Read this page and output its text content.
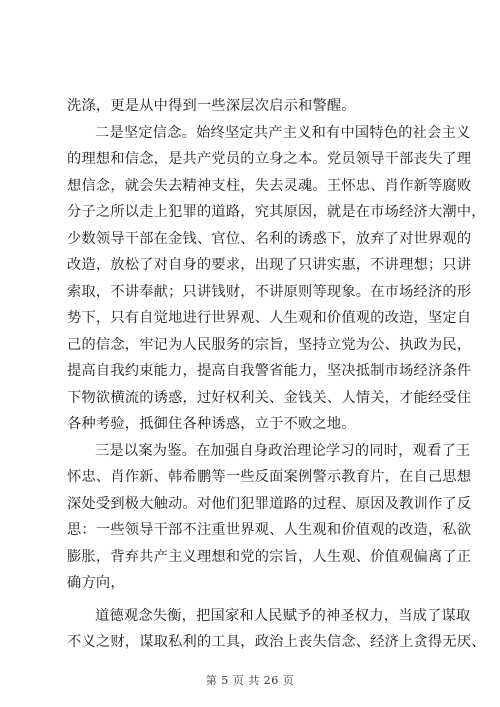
洗涤，更是从中得到一些深层次启示和警醒。
二是坚定信念。始终坚定共产主义和有中国特色的社会主义
的理想和信念，是共产党员的立身之本。党员领导干部丧失了理
想信念，就会失去精神支柱，失去灵魂。王怀忠、肖作新等腐败
分子之所以走上犯罪的道路，究其原因，就是在市场经济大潮中，
少数领导干部在金钱、官位、名利的诱惑下，放弃了对世界观的
改造，放松了对自身的要求，出现了只讲实惠，不讲理想；只讲
索取，不讲奉献；只讲钱财，不讲原则等现象。在市场经济的形
势下，只有自觉地进行世界观、人生观和价值观的改造，坚定自
己的信念，牢记为人民服务的宗旨，坚持立党为公、执政为民，
提高自我约束能力，提高自我警省能力，坚决抵制市场经济条件
下物欲横流的诱惑，过好权利关、金钱关、人情关，才能经受住
各种考验，抵御住各种诱惑，立于不败之地。
三是以案为鉴。在加强自身政治理论学习的同时，观看了王
怀忠、肖作新、韩希鹏等一些反面案例警示教育片，在自己思想
深处受到极大触动。对他们犯罪道路的过程、原因及教训作了反
思：一些领导干部不注重世界观、人生观和价值观的改造，私欲
膨胀，背弃共产主义理想和党的宗旨，人生观、价值观偏离了正
确方向，
道德观念失衡，把国家和人民赋予的神圣权力，当成了谋取
不义之财，谋取私利的工具，政治上丧失信念、经济上贪得无厌、
第 5 页 共 26 页
